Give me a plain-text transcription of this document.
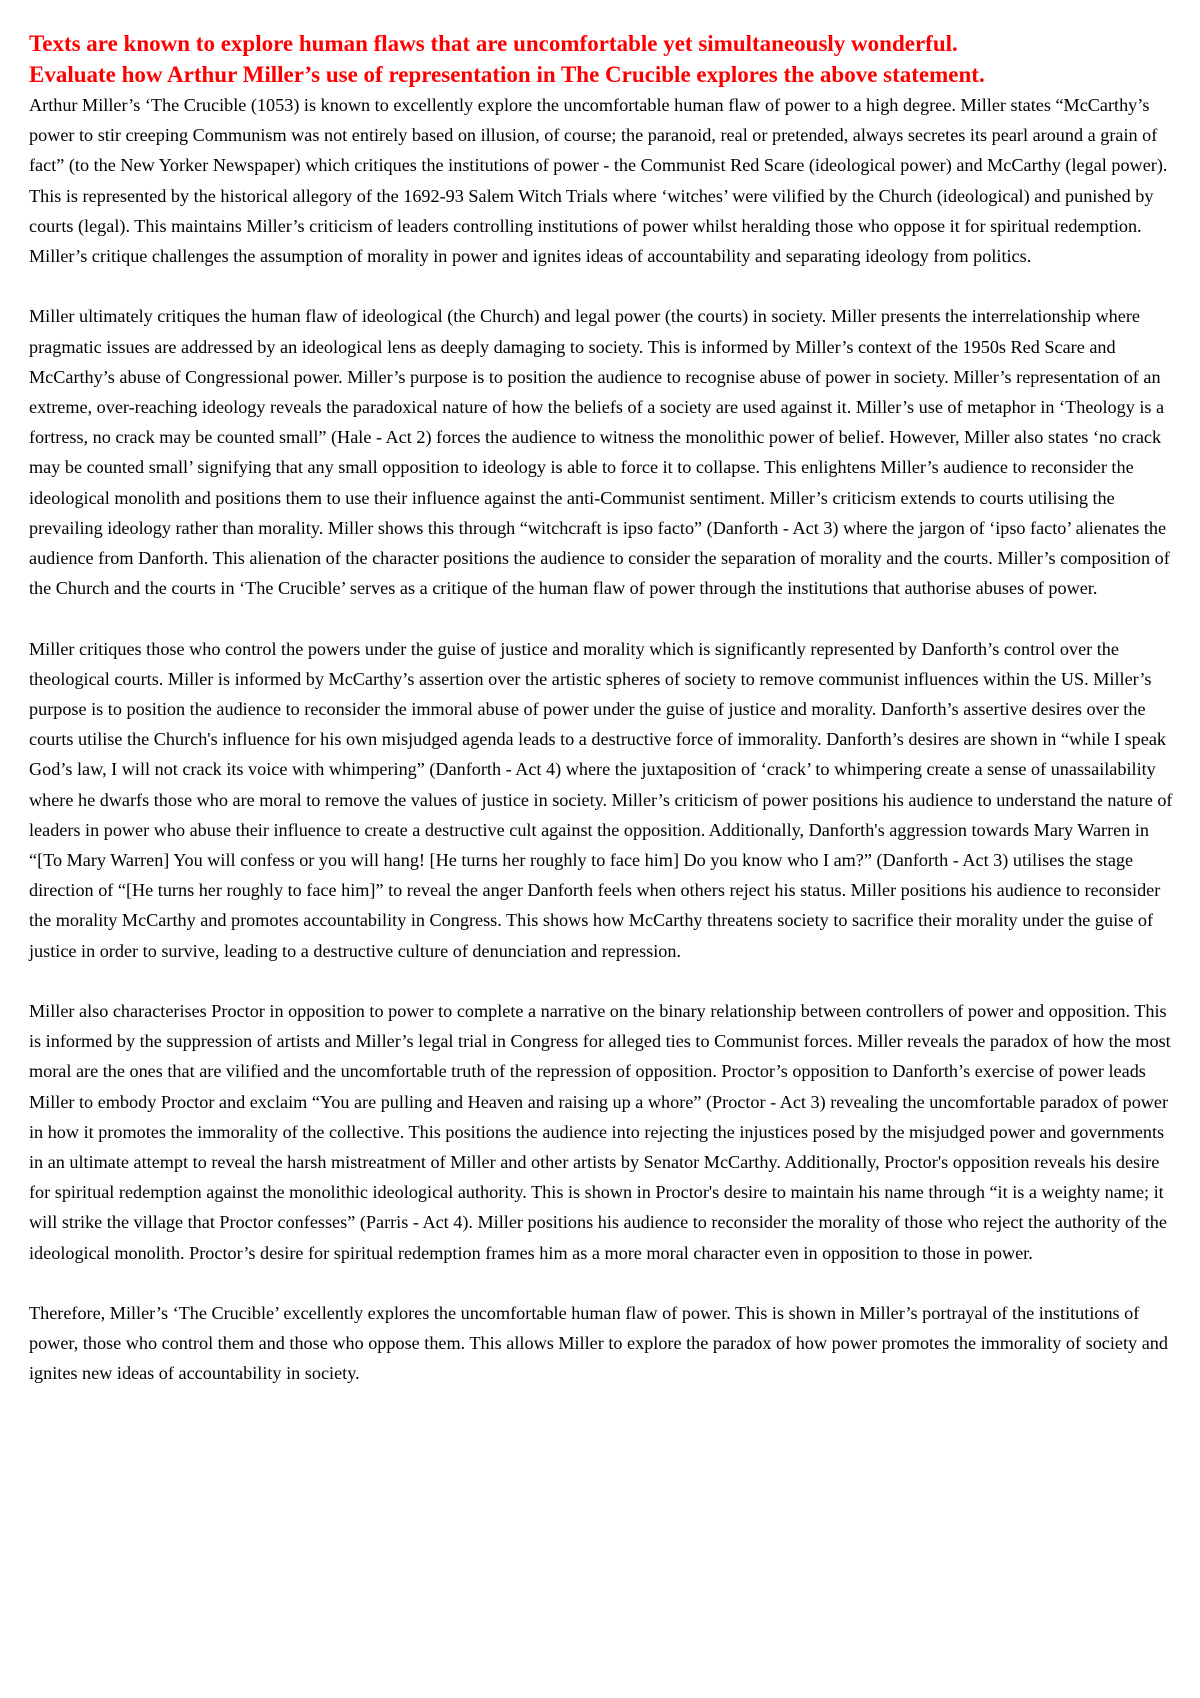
Texts are known to explore human flaws that are uncomfortable yet simultaneously wonderful.
Evaluate how Arthur Miller’s use of representation in The Crucible explores the above statement.

Arthur Miller’s ‘The Crucible (1053) is known to excellently explore the uncomfortable human flaw of power to a high degree. Miller states “McCarthy’s power to stir creeping Communism was not entirely based on illusion, of course; the paranoid, real or pretended, always secretes its pearl around a grain of fact” (to the New Yorker Newspaper) which critiques the institutions of power - the Communist Red Scare (ideological power) and McCarthy (legal power). This is represented by the historical allegory of the 1692-93 Salem Witch Trials where ‘witches’ were vilified by the Church (ideological) and punished by courts (legal). This maintains Miller’s criticism of leaders controlling institutions of power whilst heralding those who oppose it for spiritual redemption. Miller’s critique challenges the assumption of morality in power and ignites ideas of accountability and separating ideology from politics.

Miller ultimately critiques the human flaw of ideological (the Church) and legal power (the courts) in society. Miller presents the interrelationship where pragmatic issues are addressed by an ideological lens as deeply damaging to society. This is informed by Miller’s context of the 1950s Red Scare and McCarthy’s abuse of Congressional power. Miller’s purpose is to position the audience to recognise abuse of power in society. Miller’s representation of an extreme, over-reaching ideology reveals the paradoxical nature of how the beliefs of a society are used against it. Miller’s use of metaphor in ‘Theology is a fortress, no crack may be counted small” (Hale - Act 2) forces the audience to witness the monolithic power of belief. However, Miller also states ‘no crack may be counted small’ signifying that any small opposition to ideology is able to force it to collapse. This enlightens Miller’s audience to reconsider the ideological monolith and positions them to use their influence against the anti-Communist sentiment. Miller’s criticism extends to courts utilising the prevailing ideology rather than morality. Miller shows this through “witchcraft is ipso facto” (Danforth - Act 3) where the jargon of ‘ipso facto’ alienates the audience from Danforth. This alienation of the character positions the audience to consider the separation of morality and the courts. Miller’s composition of the Church and the courts in ‘The Crucible’ serves as a critique of the human flaw of power through the institutions that authorise abuses of power.

Miller critiques those who control the powers under the guise of justice and morality which is significantly represented by Danforth’s control over the theological courts. Miller is informed by McCarthy’s assertion over the artistic spheres of society to remove communist influences within the US. Miller’s purpose is to position the audience to reconsider the immoral abuse of power under the guise of justice and morality. Danforth’s assertive desires over the courts utilise the Church's influence for his own misjudged agenda leads to a destructive force of immorality. Danforth’s desires are shown in “while I speak God’s law, I will not crack its voice with whimpering” (Danforth - Act 4) where the juxtaposition of ‘crack’ to whimpering create a sense of unassailability where he dwarfs those who are moral to remove the values of justice in society. Miller’s criticism of power positions his audience to understand the nature of leaders in power who abuse their influence to create a destructive cult against the opposition. Additionally, Danforth's aggression towards Mary Warren in “[To Mary Warren] You will confess or you will hang! [He turns her roughly to face him] Do you know who I am?” (Danforth - Act 3) utilises the stage direction of “[He turns her roughly to face him]” to reveal the anger Danforth feels when others reject his status. Miller positions his audience to reconsider the morality McCarthy and promotes accountability in Congress. This shows how McCarthy threatens society to sacrifice their morality under the guise of justice in order to survive, leading to a destructive culture of denunciation and repression.

Miller also characterises Proctor in opposition to power to complete a narrative on the binary relationship between controllers of power and opposition. This is informed by the suppression of artists and Miller’s legal trial in Congress for alleged ties to Communist forces. Miller reveals the paradox of how the most moral are the ones that are vilified and the uncomfortable truth of the repression of opposition. Proctor’s opposition to Danforth’s exercise of power leads Miller to embody Proctor and exclaim “You are pulling and Heaven and raising up a whore” (Proctor - Act 3) revealing the uncomfortable paradox of power in how it promotes the immorality of the collective. This positions the audience into rejecting the injustices posed by the misjudged power and governments in an ultimate attempt to reveal the harsh mistreatment of Miller and other artists by Senator McCarthy. Additionally, Proctor's opposition reveals his desire for spiritual redemption against the monolithic ideological authority. This is shown in Proctor's desire to maintain his name through “it is a weighty name; it will strike the village that Proctor confesses” (Parris - Act 4). Miller positions his audience to reconsider the morality of those who reject the authority of the ideological monolith. Proctor’s desire for spiritual redemption frames him as a more moral character even in opposition to those in power.

Therefore, Miller’s ‘The Crucible’ excellently explores the uncomfortable human flaw of power. This is shown in Miller’s portrayal of the institutions of power, those who control them and those who oppose them. This allows Miller to explore the paradox of how power promotes the immorality of society and ignites new ideas of accountability in society.
